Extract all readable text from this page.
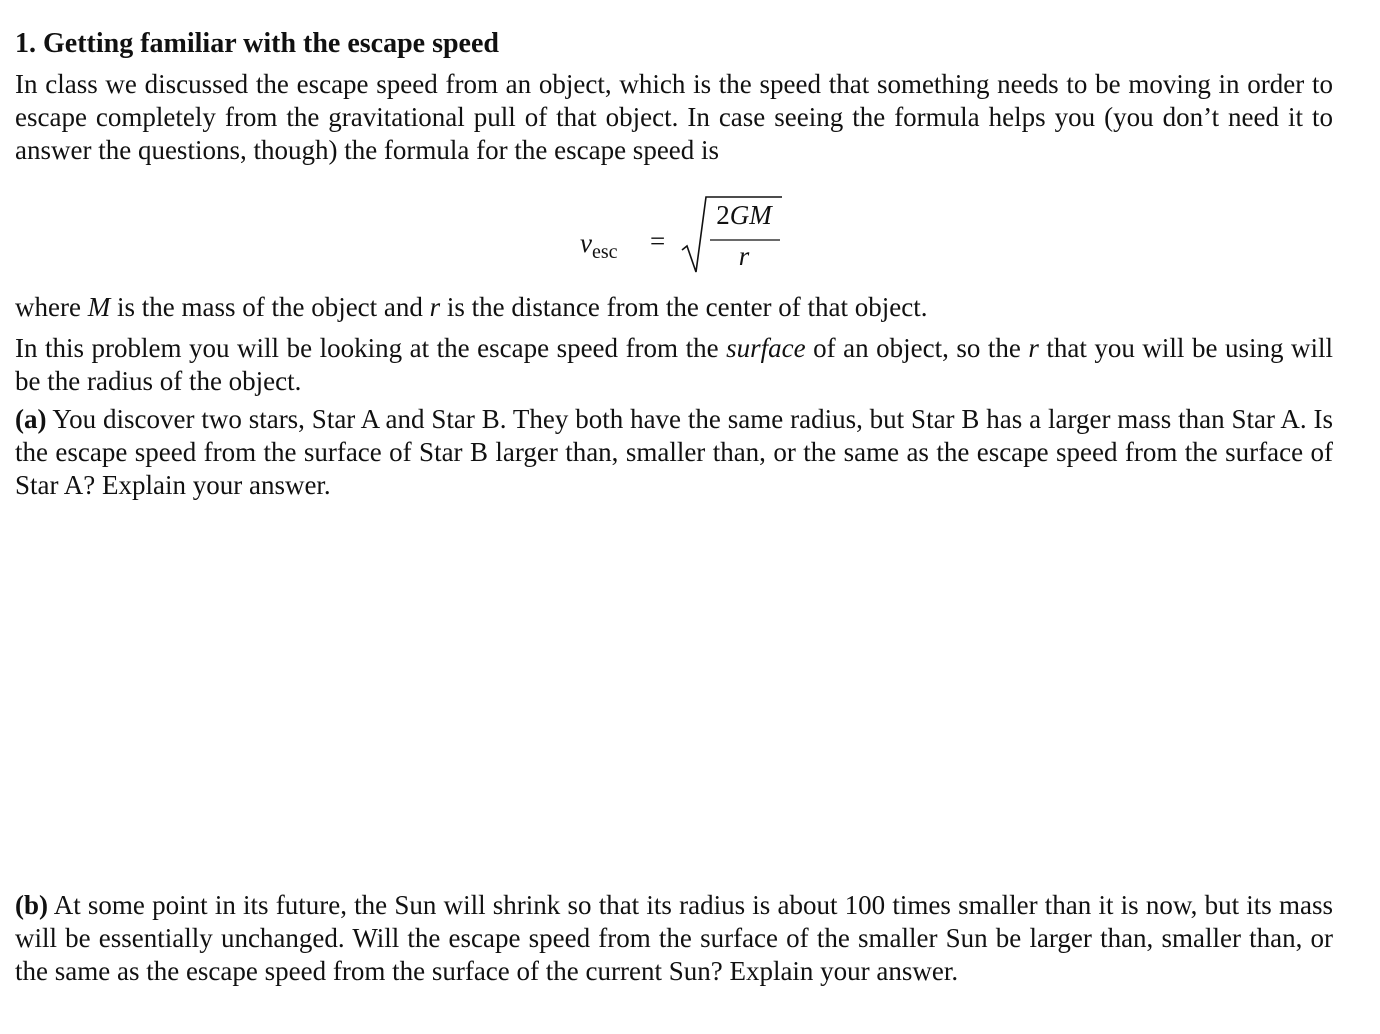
1. Getting familiar with the escape speed
In class we discussed the escape speed from an object, which is the speed that something needs to be moving in order to escape completely from the gravitational pull of that object. In case seeing the formula helps you (you don’t need it to answer the questions, though) the formula for the escape speed is
$v_{esc}$ =
2GM
r
where M is the mass of the object and r is the distance from the center of that object.
In this problem you will be looking at the escape speed from the surface of an object, so the r that you will be using will be the radius of the object.
(a) You discover two stars, Star A and Star B. They both have the same radius, but Star B has a larger mass than Star A. Is the escape speed from the surface of Star B larger than, smaller than, or the same as the escape speed from the surface of Star A? Explain your answer.
(b) At some point in its future, the Sun will shrink so that its radius is about 100 times smaller than it is now, but its mass will be essentially unchanged. Will the escape speed from the surface of the smaller Sun be larger than, smaller than, or the same as the escape speed from the surface of the current Sun? Explain your answer.
